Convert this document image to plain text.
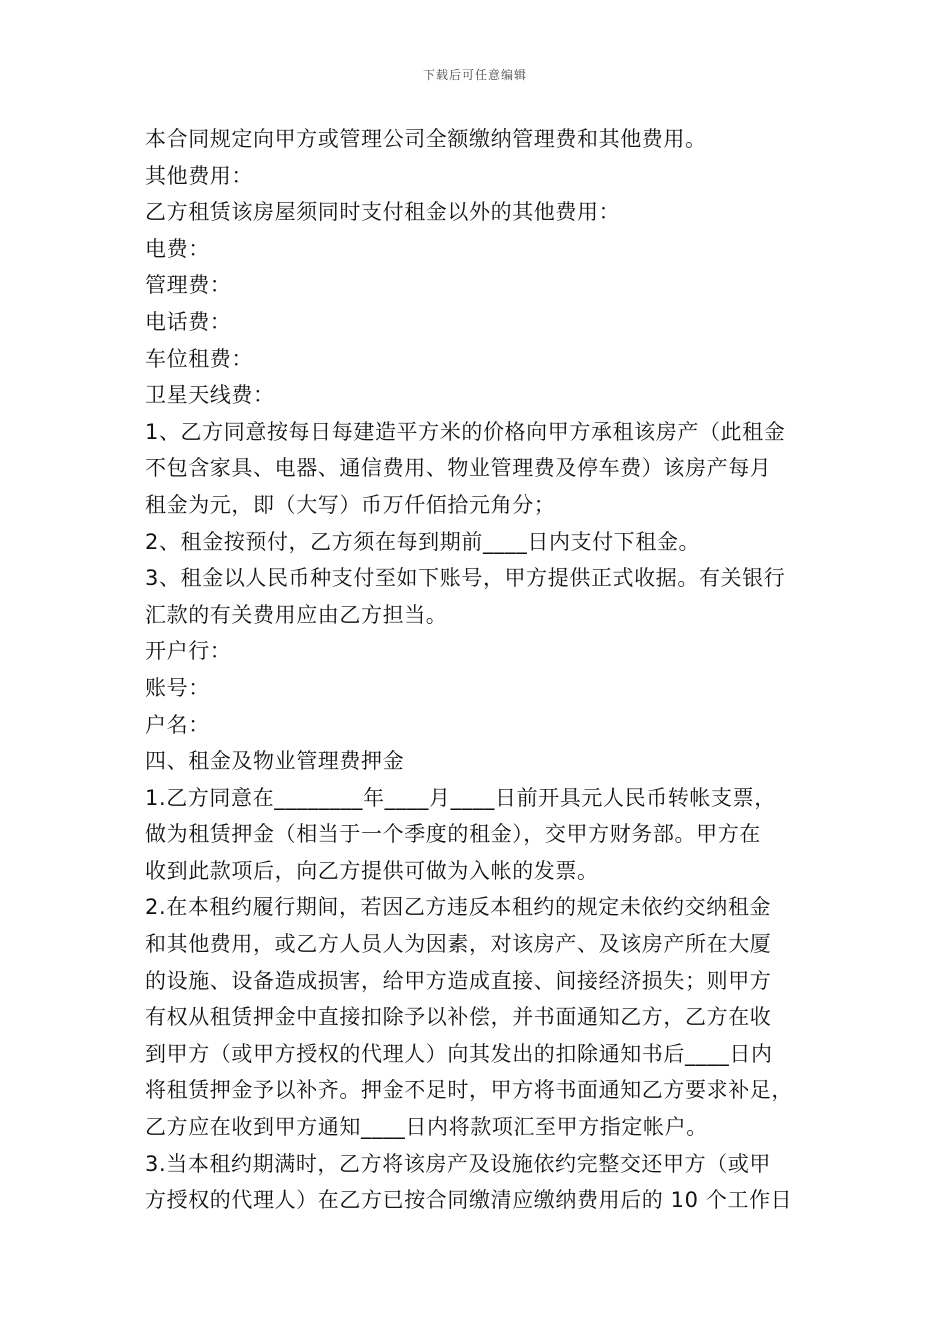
下载后可任意编辑
本合同规定向甲方或管理公司全额缴纳管理费和其他费用。
其他费用：
乙方租赁该房屋须同时支付租金以外的其他费用：
电费：
管理费：
电话费：
车位租费：
卫星天线费：
1、乙方同意按每日每建造平方米的价格向甲方承租该房产（此租金
不包含家具、电器、通信费用、物业管理费及停车费）该房产每月
租金为元，即（大写）币万仟佰拾元角分；
2、租金按预付，乙方须在每到期前____日内支付下租金。
3、租金以人民币种支付至如下账号，甲方提供正式收据。有关银行
汇款的有关费用应由乙方担当。
开户行：
账号：
户名：
四、租金及物业管理费押金
1.乙方同意在________年____月____日前开具元人民币转帐支票，
做为租赁押金（相当于一个季度的租金），交甲方财务部。甲方在
收到此款项后，向乙方提供可做为入帐的发票。
2.在本租约履行期间，若因乙方违反本租约的规定未依约交纳租金
和其他费用，或乙方人员人为因素，对该房产、及该房产所在大厦
的设施、设备造成损害，给甲方造成直接、间接经济损失；则甲方
有权从租赁押金中直接扣除予以补偿，并书面通知乙方，乙方在收
到甲方（或甲方授权的代理人）向其发出的扣除通知书后____日内
将租赁押金予以补齐。押金不足时，甲方将书面通知乙方要求补足，
乙方应在收到甲方通知____日内将款项汇至甲方指定帐户。
3.当本租约期满时，乙方将该房产及设施依约完整交还甲方（或甲
方授权的代理人）在乙方已按合同缴清应缴纳费用后的 10 个工作日
